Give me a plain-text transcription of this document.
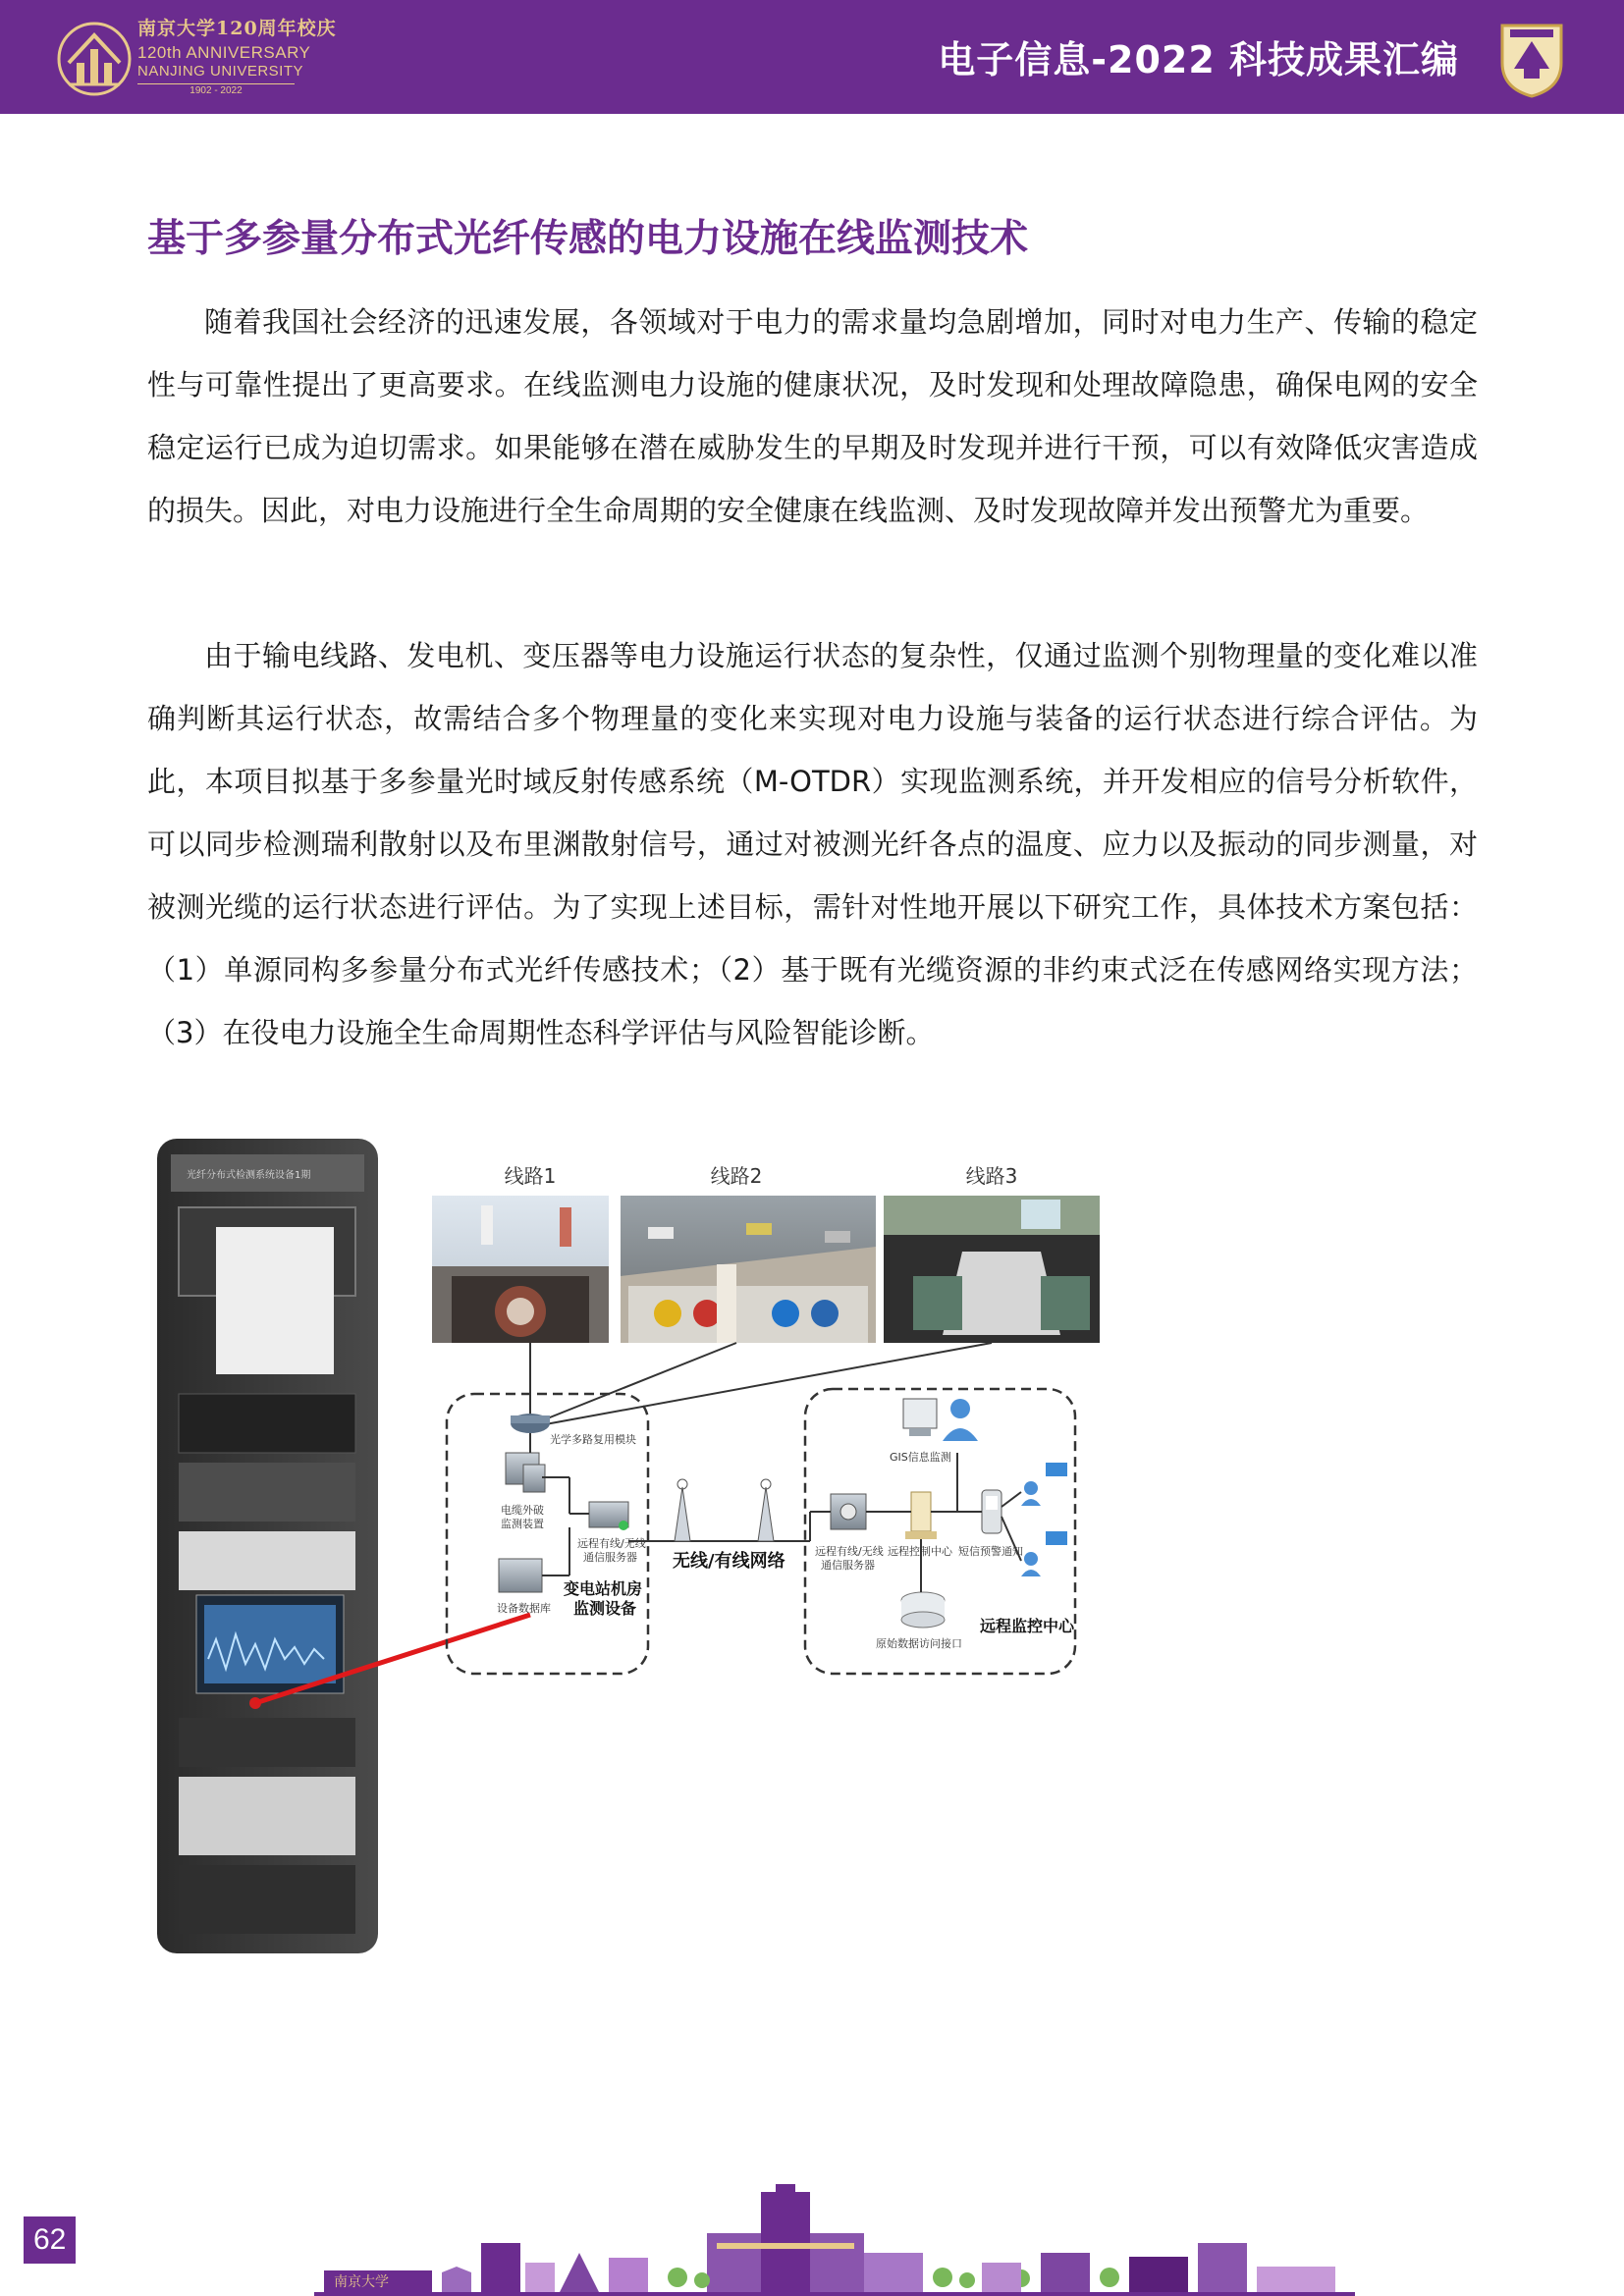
南京大学120周年校庆
120th ANNIVERSARY
NANJING UNIVERSITY
1902 - 2022
电子信息-2022 科技成果汇编
基于多参量分布式光纤传感的电力设施在线监测技术

随着我国社会经济的迅速发展，各领域对于电力的需求量均急剧增加，同时对电力生产、传输的稳定性与可靠性提出了更高要求。在线监测电力设施的健康状况，及时发现和处理故障隐患，确保电网的安全稳定运行已成为迫切需求。如果能够在潜在威胁发生的早期及时发现并进行干预，可以有效降低灾害造成的损失。因此，对电力设施进行全生命周期的安全健康在线监测、及时发现故障并发出预警尤为重要。

由于输电线路、发电机、变压器等电力设施运行状态的复杂性，仅通过监测个别物理量的变化难以准确判断其运行状态，故需结合多个物理量的变化来实现对电力设施与装备的运行状态进行综合评估。为此，本项目拟基于多参量光时域反射传感系统（M-OTDR）实现监测系统，并开发相应的信号分析软件，可以同步检测瑞利散射以及布里渊散射信号，通过对被测光纤各点的温度、应力以及振动的同步测量，对被测光缆的运行状态进行评估。为了实现上述目标，需针对性地开展以下研究工作，具体技术方案包括：（1）单源同构多参量分布式光纤传感技术；（2）基于既有光缆资源的非约束式泛在传感网络实现方法；（3）在役电力设施全生命周期性态科学评估与风险智能诊断。

光纤分布式检测系统设备1期	线路1	线路2	线路3
光学多路复用模块
电缆外破
监测装置
远程有线/无线
通信服务器
设备数据库
变电站机房
监测设备
无线/有线网络
GIS信息监测
远程有线/无线
通信服务器
远程控制中心 短信预警通知
原始数据访问接口
远程监控中心
62
南京大学
